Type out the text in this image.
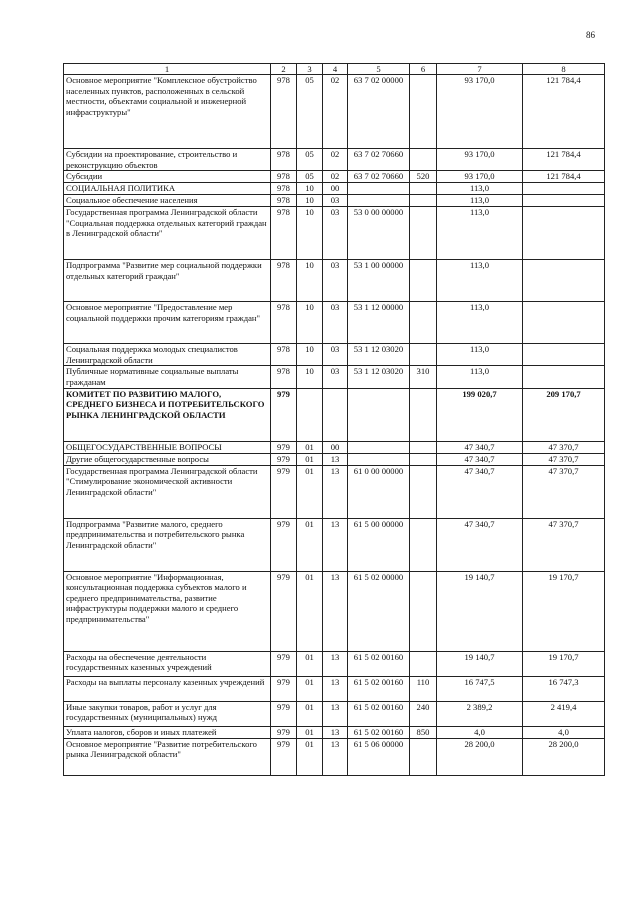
86
1	2	3	4	5	6	7	8
Основное мероприятие "Комплексное обустройство населенных пунктов, расположенных в сельской местности, объектами социальной и инженерной инфраструктуры"	978	05	02	63 7 02 00000		93 170,0	121 784,4
Субсидии на проектирование, строительство и реконструкцию объектов	978	05	02	63 7 02 70660		93 170,0	121 784,4
Субсидии	978	05	02	63 7 02 70660	520	93 170,0	121 784,4
СОЦИАЛЬНАЯ ПОЛИТИКА	978	10	00			113,0	
Социальное обеспечение населения	978	10	03			113,0	
Государственная программа Ленинградской области "Социальная поддержка отдельных категорий граждан в Ленинградской области"	978	10	03	53 0 00 00000		113,0	
Подпрограмма "Развитие мер социальной поддержки отдельных категорий граждан"	978	10	03	53 1 00 00000		113,0	
Основное мероприятие "Предоставление мер социальной поддержки прочим категориям граждан"	978	10	03	53 1 12 00000		113,0	
Социальная поддержка молодых специалистов Ленинградской области	978	10	03	53 1 12 03020		113,0	
Публичные нормативные социальные выплаты гражданам	978	10	03	53 1 12 03020	310	113,0	
КОМИТЕТ ПО РАЗВИТИЮ МАЛОГО, СРЕДНЕГО БИЗНЕСА И ПОТРЕБИТЕЛЬСКОГО РЫНКА ЛЕНИНГРАДСКОЙ ОБЛАСТИ	979					199 020,7	209 170,7
ОБЩЕГОСУДАРСТВЕННЫЕ ВОПРОСЫ	979	01	00			47 340,7	47 370,7
Другие общегосударственные вопросы	979	01	13			47 340,7	47 370,7
Государственная программа Ленинградской области "Стимулирование экономической активности Ленинградской области"	979	01	13	61 0 00 00000		47 340,7	47 370,7
Подпрограмма "Развитие малого, среднего предпринимательства и потребительского рынка Ленинградской области"	979	01	13	61 5 00 00000		47 340,7	47 370,7
Основное мероприятие "Информационная, консультационная поддержка субъектов малого и среднего предпринимательства, развитие инфраструктуры поддержки малого и среднего предпринимательства"	979	01	13	61 5 02 00000		19 140,7	19 170,7
Расходы на обеспечение деятельности государственных казенных учреждений	979	01	13	61 5 02 00160		19 140,7	19 170,7
Расходы на выплаты персоналу казенных учреждений	979	01	13	61 5 02 00160	110	16 747,5	16 747,3
Иные закупки товаров, работ и услуг для государственных (муниципальных) нужд	979	01	13	61 5 02 00160	240	2 389,2	2 419,4
Уплата налогов, сборов и иных платежей	979	01	13	61 5 02 00160	850	4,0	4,0
Основное мероприятие "Развитие потребительского рынка Ленинградской области"	979	01	13	61 5 06 00000		28 200,0	28 200,0
